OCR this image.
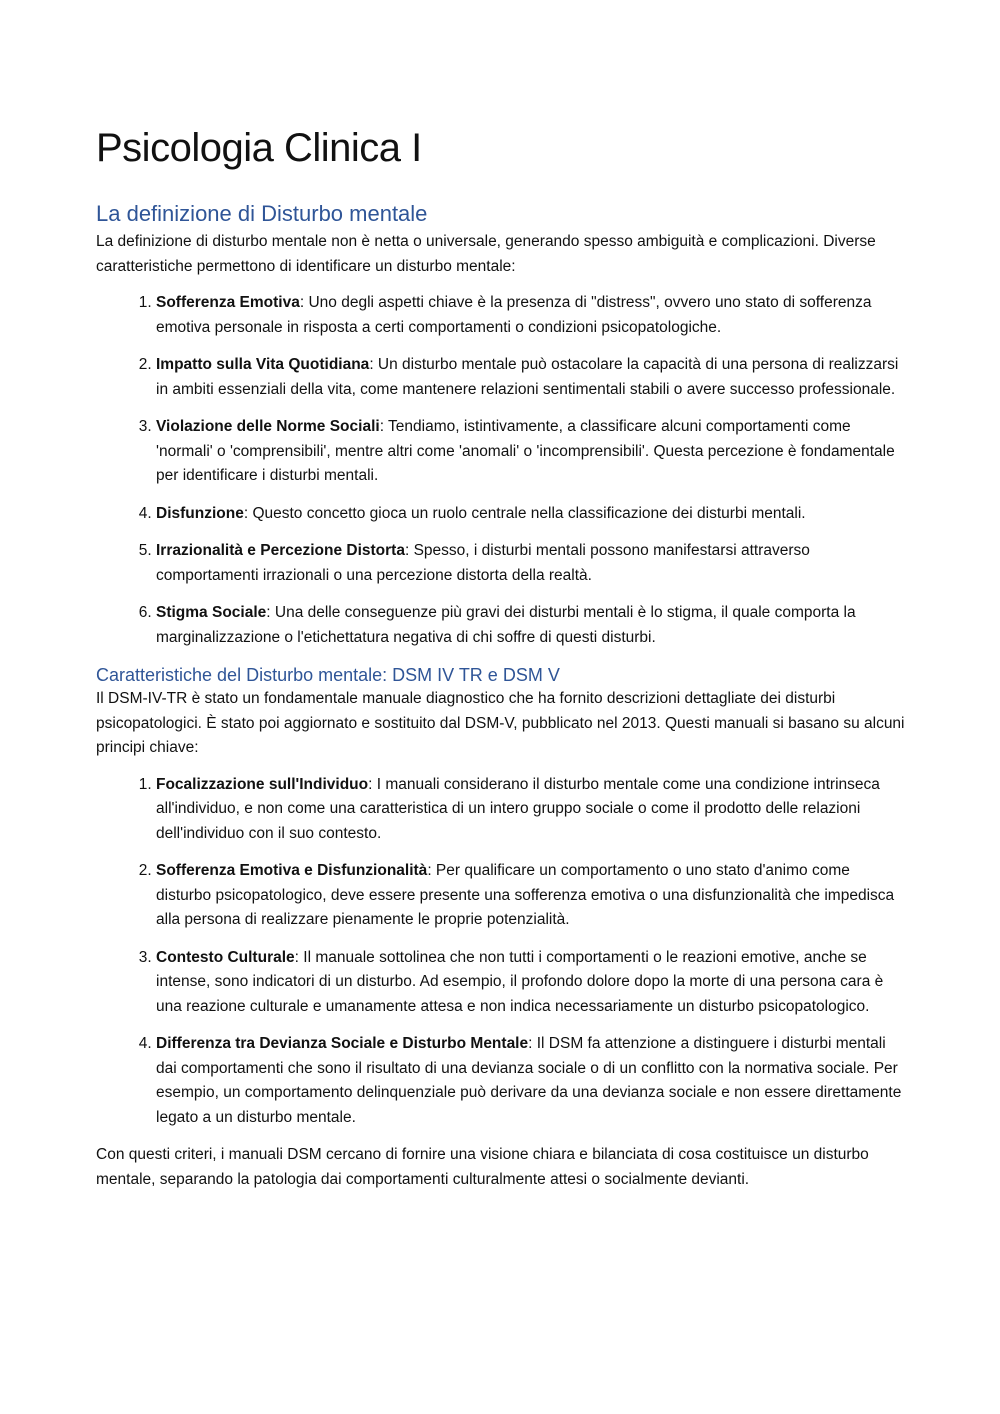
Psicologia Clinica I
La definizione di Disturbo mentale

La definizione di disturbo mentale non è netta o universale, generando spesso ambiguità e complicazioni. Diverse caratteristiche permettono di identificare un disturbo mentale:

1. Sofferenza Emotiva: Uno degli aspetti chiave è la presenza di "distress", ovvero uno stato di sofferenza emotiva personale in risposta a certi comportamenti o condizioni psicopatologiche.
2. Impatto sulla Vita Quotidiana: Un disturbo mentale può ostacolare la capacità di una persona di realizzarsi in ambiti essenziali della vita, come mantenere relazioni sentimentali stabili o avere successo professionale.
3. Violazione delle Norme Sociali: Tendiamo, istintivamente, a classificare alcuni comportamenti come 'normali' o 'comprensibili', mentre altri come 'anomali' o 'incomprensibili'. Questa percezione è fondamentale per identificare i disturbi mentali.
4. Disfunzione: Questo concetto gioca un ruolo centrale nella classificazione dei disturbi mentali.
5. Irrazionalità e Percezione Distorta: Spesso, i disturbi mentali possono manifestarsi attraverso comportamenti irrazionali o una percezione distorta della realtà.
6. Stigma Sociale: Una delle conseguenze più gravi dei disturbi mentali è lo stigma, il quale comporta la marginalizzazione o l'etichettatura negativa di chi soffre di questi disturbi.
Caratteristiche del Disturbo mentale: DSM IV TR e DSM V

Il DSM-IV-TR è stato un fondamentale manuale diagnostico che ha fornito descrizioni dettagliate dei disturbi psicopatologici. È stato poi aggiornato e sostituito dal DSM-V, pubblicato nel 2013. Questi manuali si basano su alcuni principi chiave:

1. Focalizzazione sull'Individuo: I manuali considerano il disturbo mentale come una condizione intrinseca all'individuo, e non come una caratteristica di un intero gruppo sociale o come il prodotto delle relazioni dell'individuo con il suo contesto.
2. Sofferenza Emotiva e Disfunzionalità: Per qualificare un comportamento o uno stato d'animo come disturbo psicopatologico, deve essere presente una sofferenza emotiva o una disfunzionalità che impedisca alla persona di realizzare pienamente le proprie potenzialità.
3. Contesto Culturale: Il manuale sottolinea che non tutti i comportamenti o le reazioni emotive, anche se intense, sono indicatori di un disturbo. Ad esempio, il profondo dolore dopo la morte di una persona cara è una reazione culturale e umanamente attesa e non indica necessariamente un disturbo psicopatologico.
4. Differenza tra Devianza Sociale e Disturbo Mentale: Il DSM fa attenzione a distinguere i disturbi mentali dai comportamenti che sono il risultato di una devianza sociale o di un conflitto con la normativa sociale. Per esempio, un comportamento delinquenziale può derivare da una devianza sociale e non essere direttamente legato a un disturbo mentale.

Con questi criteri, i manuali DSM cercano di fornire una visione chiara e bilanciata di cosa costituisce un disturbo mentale, separando la patologia dai comportamenti culturalmente attesi o socialmente devianti.
